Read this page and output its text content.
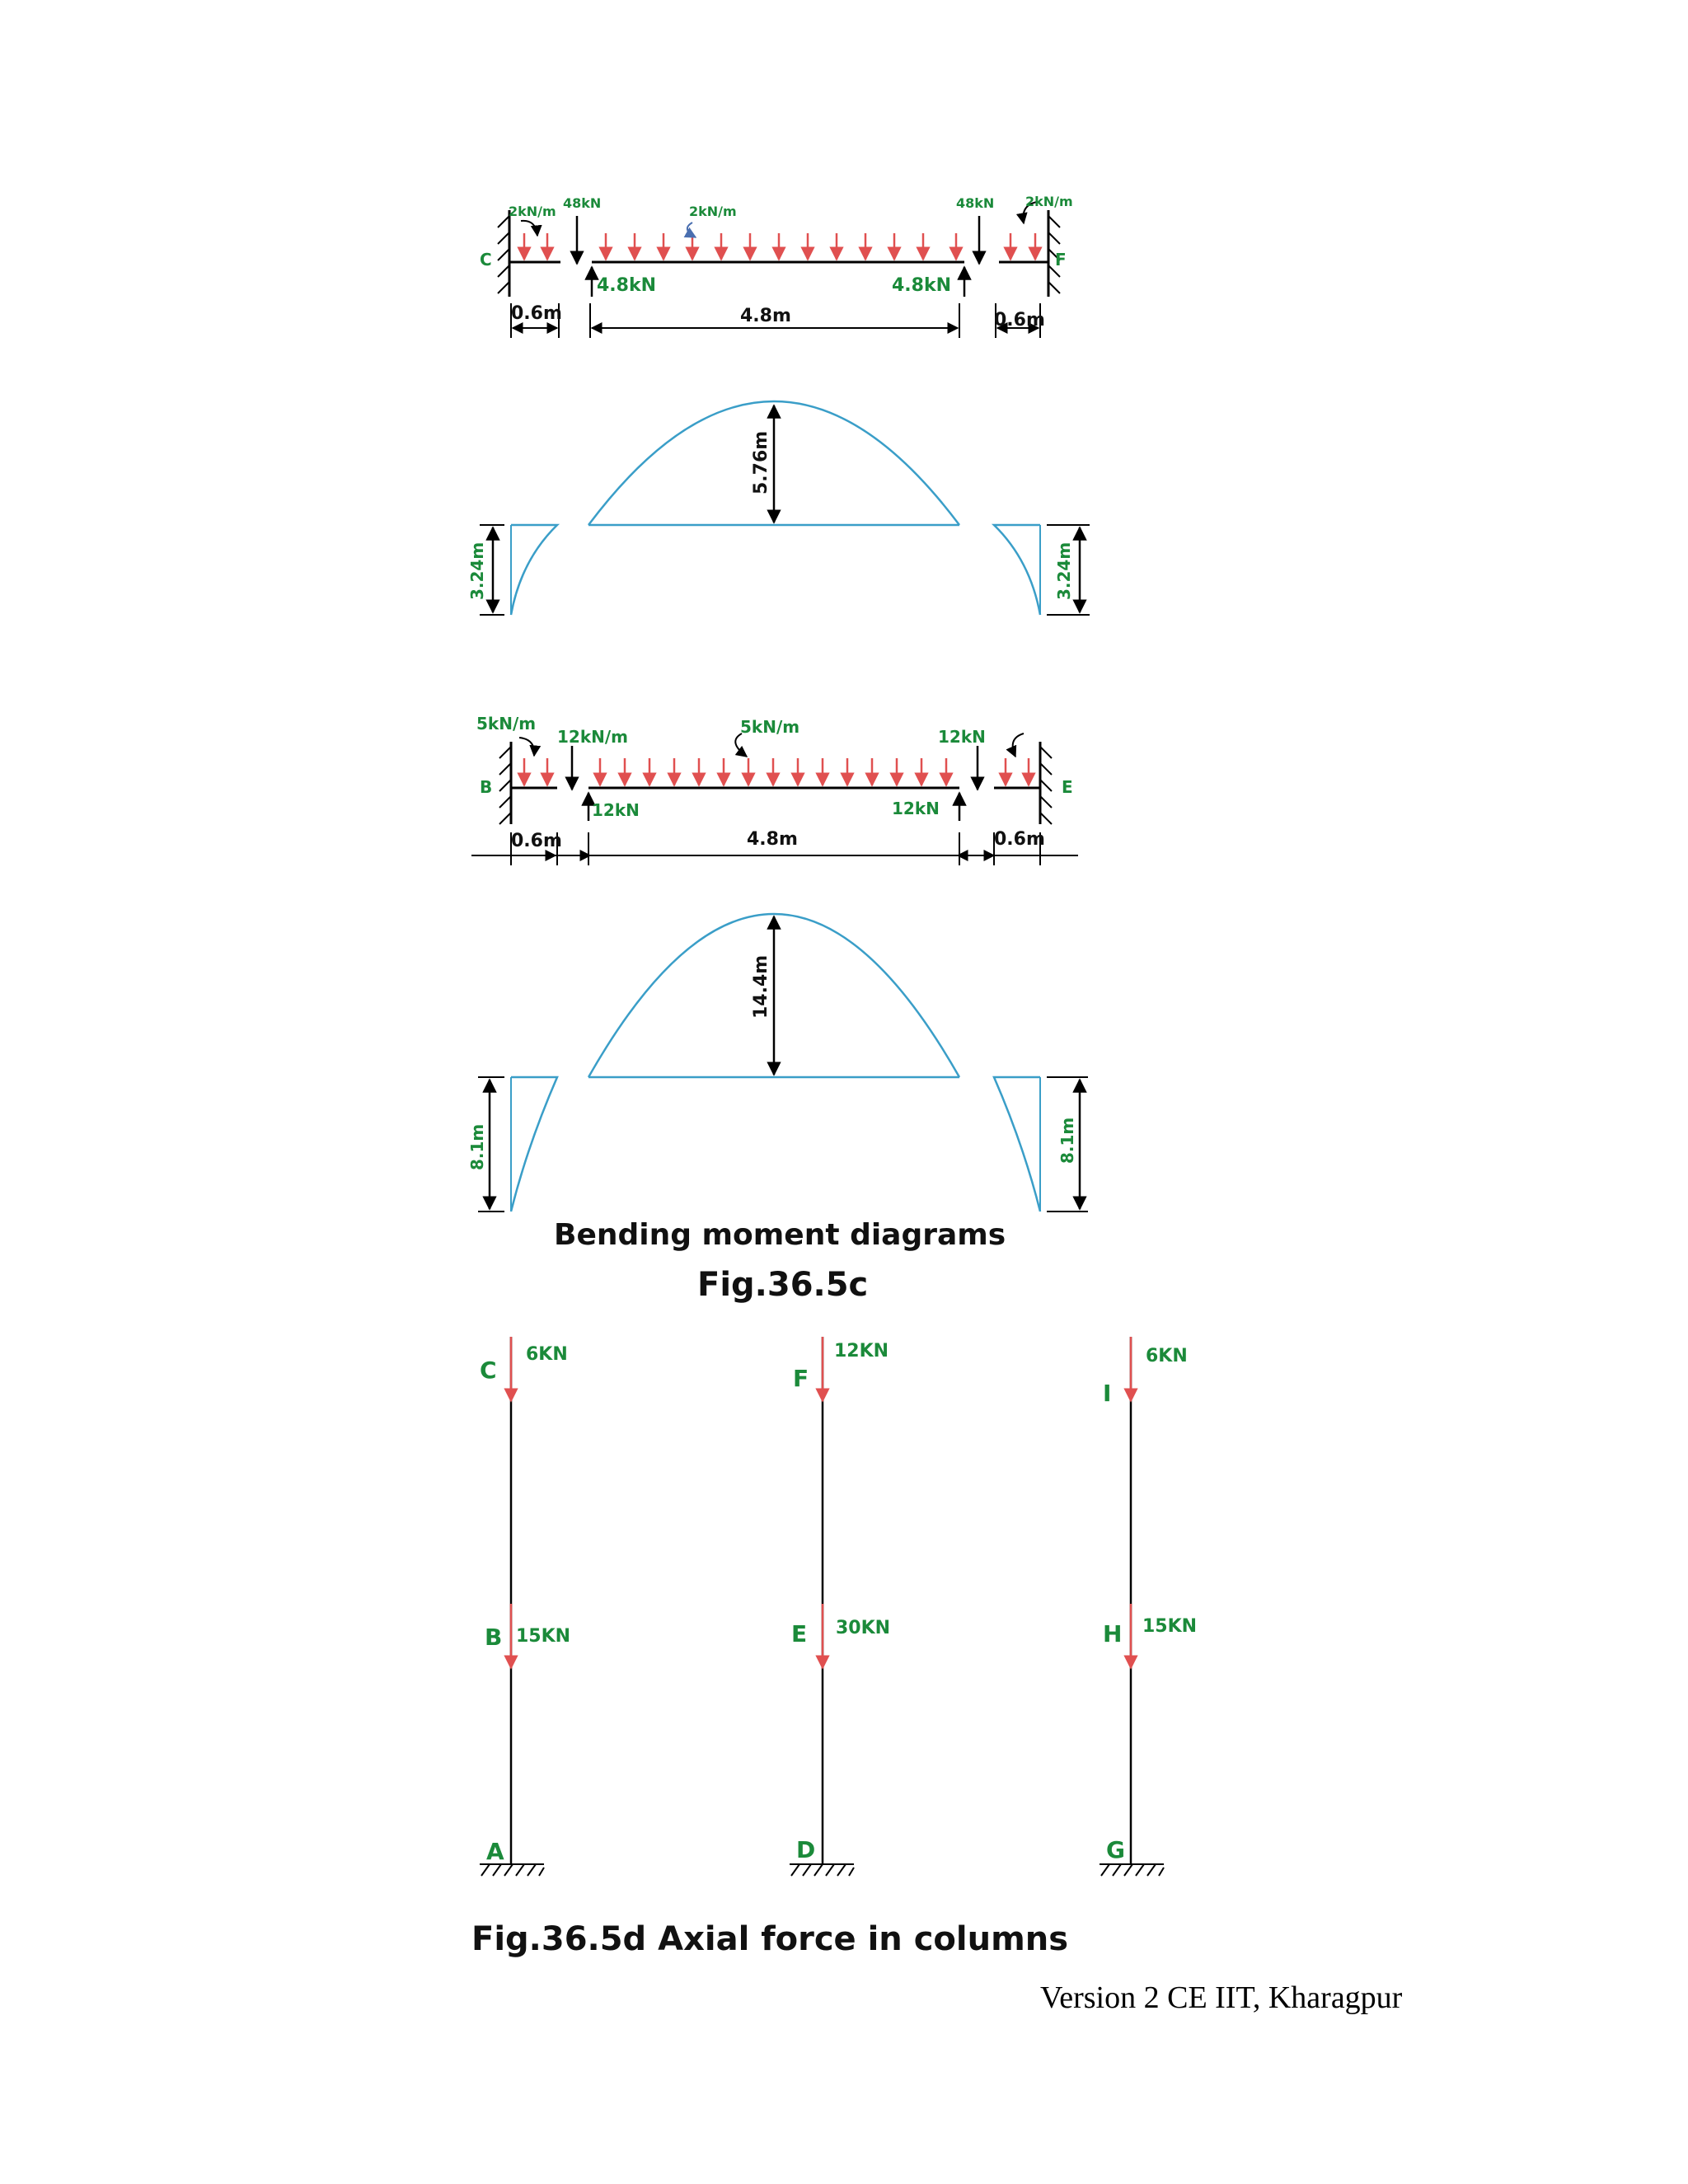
2kN/m
48kN
2kN/m
48kN 2kN/m
C	F
4.8kN	4.8kN
0.6m	4.8m	0.6m
5.76m
3.24m	3.24m
5kN/m
12kN/m	5kN/m	12kN
B	E
12kN	12kN
0.6m	4.8m	0.6m
14.4m
8.1m	8.1m
Bending moment diagrams
Fig.36.5c
C
6KN
B 15KN
A
F
12KN
E 30KN
D
I
6KN
H 15KN
G
Fig.36.5d Axial force in columns
Version 2 CE IIT, Kharagpur
